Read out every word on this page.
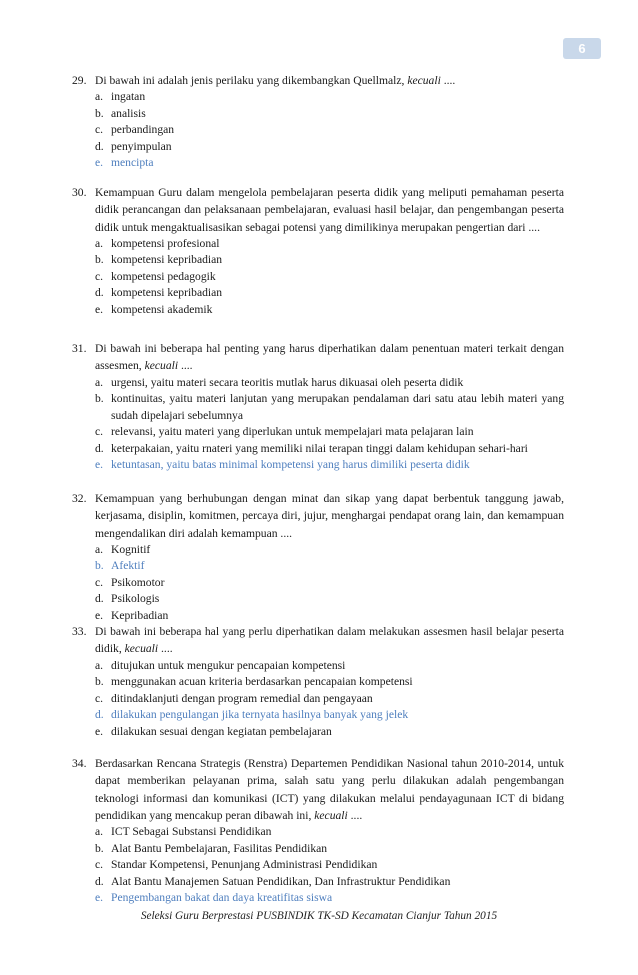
6
29. Di bawah ini adalah jenis perilaku yang dikembangkan Quellmalz, kecuali ....
a. ingatan
b. analisis
c. perbandingan
d. penyimpulan
e. mencipta
30. Kemampuan Guru dalam mengelola pembelajaran peserta didik yang meliputi pemahaman peserta didik perancangan dan pelaksanaan pembelajaran, evaluasi hasil belajar, dan pengembangan peserta didik untuk mengaktualisasikan sebagai potensi yang dimilikinya merupakan pengertian dari ....
a. kompetensi profesional
b. kompetensi kepribadian
c. kompetensi pedagogik
d. kompetensi kepribadian
e. kompetensi akademik
31. Di bawah ini beberapa hal penting yang harus diperhatikan dalam penentuan materi terkait dengan assesmen, kecuali ....
a. urgensi, yaitu materi secara teoritis mutlak harus dikuasai oleh peserta didik
b. kontinuitas, yaitu materi lanjutan yang merupakan pendalaman dari satu atau lebih materi yang sudah dipelajari sebelumnya
c. relevansi, yaitu materi yang diperlukan untuk mempelajari mata pelajaran lain
d. keterpakaian, yaitu rnateri yang memiliki nilai terapan tinggi dalam kehidupan sehari-hari
e. ketuntasan, yaitu batas minimal kompetensi yang harus dimiliki peserta didik
32. Kemampuan yang berhubungan dengan minat dan sikap yang dapat berbentuk tanggung jawab, kerjasama, disiplin, komitmen, percaya diri, jujur, menghargai pendapat orang lain, dan kemampuan mengendalikan diri adalah kemampuan ....
a. Kognitif
b. Afektif
c. Psikomotor
d. Psikologis
e. Kepribadian
33. Di bawah ini beberapa hal yang perlu diperhatikan dalam melakukan assesmen hasil belajar peserta didik, kecuali ....
a. ditujukan untuk mengukur pencapaian kompetensi
b. menggunakan acuan kriteria berdasarkan pencapaian kompetensi
c. ditindaklanjuti dengan program remedial dan pengayaan
d. dilakukan pengulangan jika ternyata hasilnya banyak yang jelek
e. dilakukan sesuai dengan kegiatan pembelajaran
34. Berdasarkan Rencana Strategis (Renstra) Departemen Pendidikan Nasional tahun 2010-2014, untuk dapat memberikan pelayanan prima, salah satu yang perlu dilakukan adalah pengembangan teknologi informasi dan komunikasi (ICT) yang dilakukan melalui pendayagunaan ICT di bidang pendidikan yang mencakup peran dibawah ini, kecuali ....
a. ICT Sebagai Substansi Pendidikan
b. Alat Bantu Pembelajaran, Fasilitas Pendidikan
c. Standar Kompetensi, Penunjang Administrasi Pendidikan
d. Alat Bantu Manajemen Satuan Pendidikan, Dan Infrastruktur Pendidikan
e. Pengembangan bakat dan daya kreatifitas siswa
Seleksi Guru Berprestasi PUSBINDIK TK-SD Kecamatan Cianjur Tahun 2015
